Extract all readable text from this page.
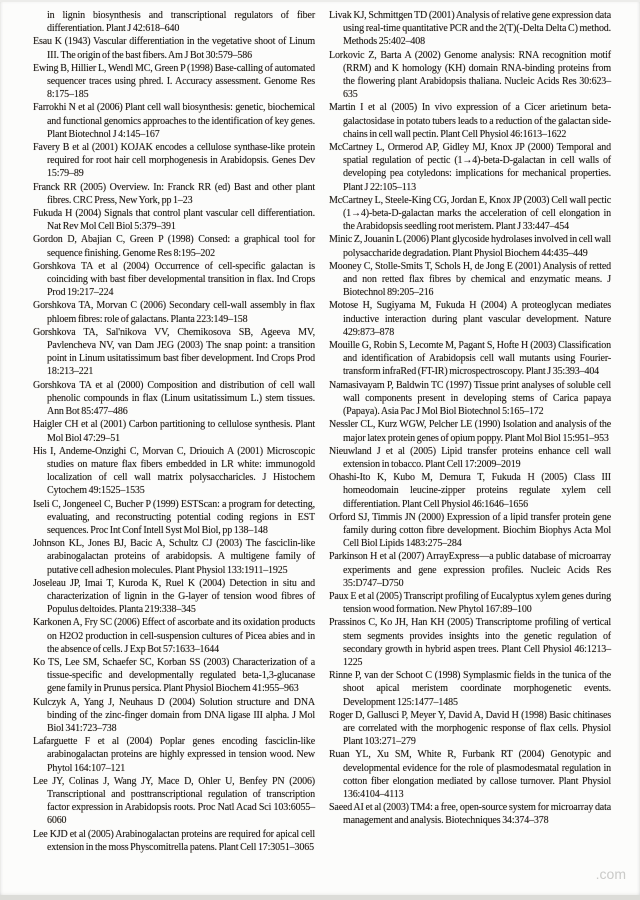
in lignin biosynthesis and transcriptional regulators of fiber differentiation. Plant J 42:618–640

Esau K (1943) Vascular differentiation in the vegetative shoot of Linum III. The origin of the bast fibers. Am J Bot 30:579–586

Ewing B, Hillier L, Wendl MC, Green P (1998) Base-calling of automated sequencer traces using phred. I. Accuracy assessment. Genome Res 8:175–185

Farrokhi N et al (2006) Plant cell wall biosynthesis: genetic, biochemical and functional genomics approaches to the identification of key genes. Plant Biotechnol J 4:145–167

Favery B et al (2001) KOJAK encodes a cellulose synthase-like protein required for root hair cell morphogenesis in Arabidopsis. Genes Dev 15:79–89

Franck RR (2005) Overview. In: Franck RR (ed) Bast and other plant fibres. CRC Press, New York, pp 1–23

Fukuda H (2004) Signals that control plant vascular cell differentiation. Nat Rev Mol Cell Biol 5:379–391

Gordon D, Abajian C, Green P (1998) Consed: a graphical tool for sequence finishing. Genome Res 8:195–202

Gorshkova TA et al (2004) Occurrence of cell-specific galactan is coinciding with bast fiber developmental transition in flax. Ind Crops Prod 19:217–224

Gorshkova TA, Morvan C (2006) Secondary cell-wall assembly in flax phloem fibres: role of galactans. Planta 223:149–158

Gorshkova TA, Sal'nikova VV, Chemikosova SB, Ageeva MV, Pavlencheva NV, van Dam JEG (2003) The snap point: a transition point in Linum usitatissimum bast fiber development. Ind Crops Prod 18:213–221

Gorshkova TA et al (2000) Composition and distribution of cell wall phenolic compounds in flax (Linum usitatissimum L.) stem tissues. Ann Bot 85:477–486

Haigler CH et al (2001) Carbon partitioning to cellulose synthesis. Plant Mol Biol 47:29–51

His I, Andeme-Onzighi C, Morvan C, Driouich A (2001) Microscopic studies on mature flax fibers embedded in LR white: immunogold localization of cell wall matrix polysaccharicles. J Histochem Cytochem 49:1525–1535

Iseli C, Jongeneel C, Bucher P (1999) ESTScan: a program for detecting, evaluating, and reconstructing potential coding regions in EST sequences. Proc Int Conf Intell Syst Mol Biol, pp 138–148

Johnson KL, Jones BJ, Bacic A, Schultz CJ (2003) The fasciclin-like arabinogalactan proteins of arabidopsis. A multigene family of putative cell adhesion molecules. Plant Physiol 133:1911–1925

Joseleau JP, Imai T, Kuroda K, Ruel K (2004) Detection in situ and characterization of lignin in the G-layer of tension wood fibres of Populus deltoides. Planta 219:338–345

Karkonen A, Fry SC (2006) Effect of ascorbate and its oxidation products on H2O2 production in cell-suspension cultures of Picea abies and in the absence of cells. J Exp Bot 57:1633–1644

Ko TS, Lee SM, Schaefer SC, Korban SS (2003) Characterization of a tissue-specific and developmentally regulated beta-1,3-glucanase gene family in Prunus persica. Plant Physiol Biochem 41:955–963

Kulczyk A, Yang J, Neuhaus D (2004) Solution structure and DNA binding of the zinc-finger domain from DNA ligase III alpha. J Mol Biol 341:723–738

Lafarguette F et al (2004) Poplar genes encoding fasciclin-like arabinogalactan proteins are highly expressed in tension wood. New Phytol 164:107–121

Lee JY, Colinas J, Wang JY, Mace D, Ohler U, Benfey PN (2006) Transcriptional and posttranscriptional regulation of transcription factor expression in Arabidopsis roots. Proc Natl Acad Sci 103:6055–6060

Lee KJD et al (2005) Arabinogalactan proteins are required for apical cell extension in the moss Physcomitrella patens. Plant Cell 17:3051–3065

Livak KJ, Schmittgen TD (2001) Analysis of relative gene expression data using real-time quantitative PCR and the 2(T)(-Delta Delta C) method. Methods 25:402–408

Lorkovic Z, Barta A (2002) Genome analysis: RNA recognition motif (RRM) and K homology (KH) domain RNA-binding proteins from the flowering plant Arabidopsis thaliana. Nucleic Acids Res 30:623–635

Martin I et al (2005) In vivo expression of a Cicer arietinum beta-galactosidase in potato tubers leads to a reduction of the galactan side-chains in cell wall pectin. Plant Cell Physiol 46:1613–1622

McCartney L, Ormerod AP, Gidley MJ, Knox JP (2000) Temporal and spatial regulation of pectic (1→4)-beta-D-galactan in cell walls of developing pea cotyledons: implications for mechanical properties. Plant J 22:105–113

McCartney L, Steele-King CG, Jordan E, Knox JP (2003) Cell wall pectic (1→4)-beta-D-galactan marks the acceleration of cell elongation in the Arabidopsis seedling root meristem. Plant J 33:447–454

Minic Z, Jouanin L (2006) Plant glycoside hydrolases involved in cell wall polysaccharide degradation. Plant Physiol Biochem 44:435–449

Mooney C, Stolle-Smits T, Schols H, de Jong E (2001) Analysis of retted and non retted flax fibres by chemical and enzymatic means. J Biotechnol 89:205–216

Motose H, Sugiyama M, Fukuda H (2004) A proteoglycan mediates inductive interaction during plant vascular development. Nature 429:873–878

Mouille G, Robin S, Lecomte M, Pagant S, Hofte H (2003) Classification and identification of Arabidopsis cell wall mutants using Fourier-transform infraRed (FT-IR) microspectroscopy. Plant J 35:393–404

Namasivayam P, Baldwin TC (1997) Tissue print analyses of soluble cell wall components present in developing stems of Carica papaya (Papaya). Asia Pac J Mol Biol Biotechnol 5:165–172

Nessler CL, Kurz WGW, Pelcher LE (1990) Isolation and analysis of the major latex protein genes of opium poppy. Plant Mol Biol 15:951–953

Nieuwland J et al (2005) Lipid transfer proteins enhance cell wall extension in tobacco. Plant Cell 17:2009–2019

Ohashi-Ito K, Kubo M, Demura T, Fukuda H (2005) Class III homeodomain leucine-zipper proteins regulate xylem cell differentiation. Plant Cell Physiol 46:1646–1656

Orford SJ, Timmis JN (2000) Expression of a lipid transfer protein gene family during cotton fibre development. Biochim Biophys Acta Mol Cell Biol Lipids 1483:275–284

Parkinson H et al (2007) ArrayExpress—a public database of microarray experiments and gene expression profiles. Nucleic Acids Res 35:D747–D750

Paux E et al (2005) Transcript profiling of Eucalyptus xylem genes during tension wood formation. New Phytol 167:89–100

Prassinos C, Ko JH, Han KH (2005) Transcriptome profiling of vertical stem segments provides insights into the genetic regulation of secondary growth in hybrid aspen trees. Plant Cell Physiol 46:1213–1225

Rinne P, van der Schoot C (1998) Symplasmic fields in the tunica of the shoot apical meristem coordinate morphogenetic events. Development 125:1477–1485

Roger D, Gallusci P, Meyer Y, David A, David H (1998) Basic chitinases are correlated with the morphogenic response of flax cells. Physiol Plant 103:271–279

Ruan YL, Xu SM, White R, Furbank RT (2004) Genotypic and developmental evidence for the role of plasmodesmatal regulation in cotton fiber elongation mediated by callose turnover. Plant Physiol 136:4104–4113

Saeed AI et al (2003) TM4: a free, open-source system for microarray data management and analysis. Biotechniques 34:374–378

.com
